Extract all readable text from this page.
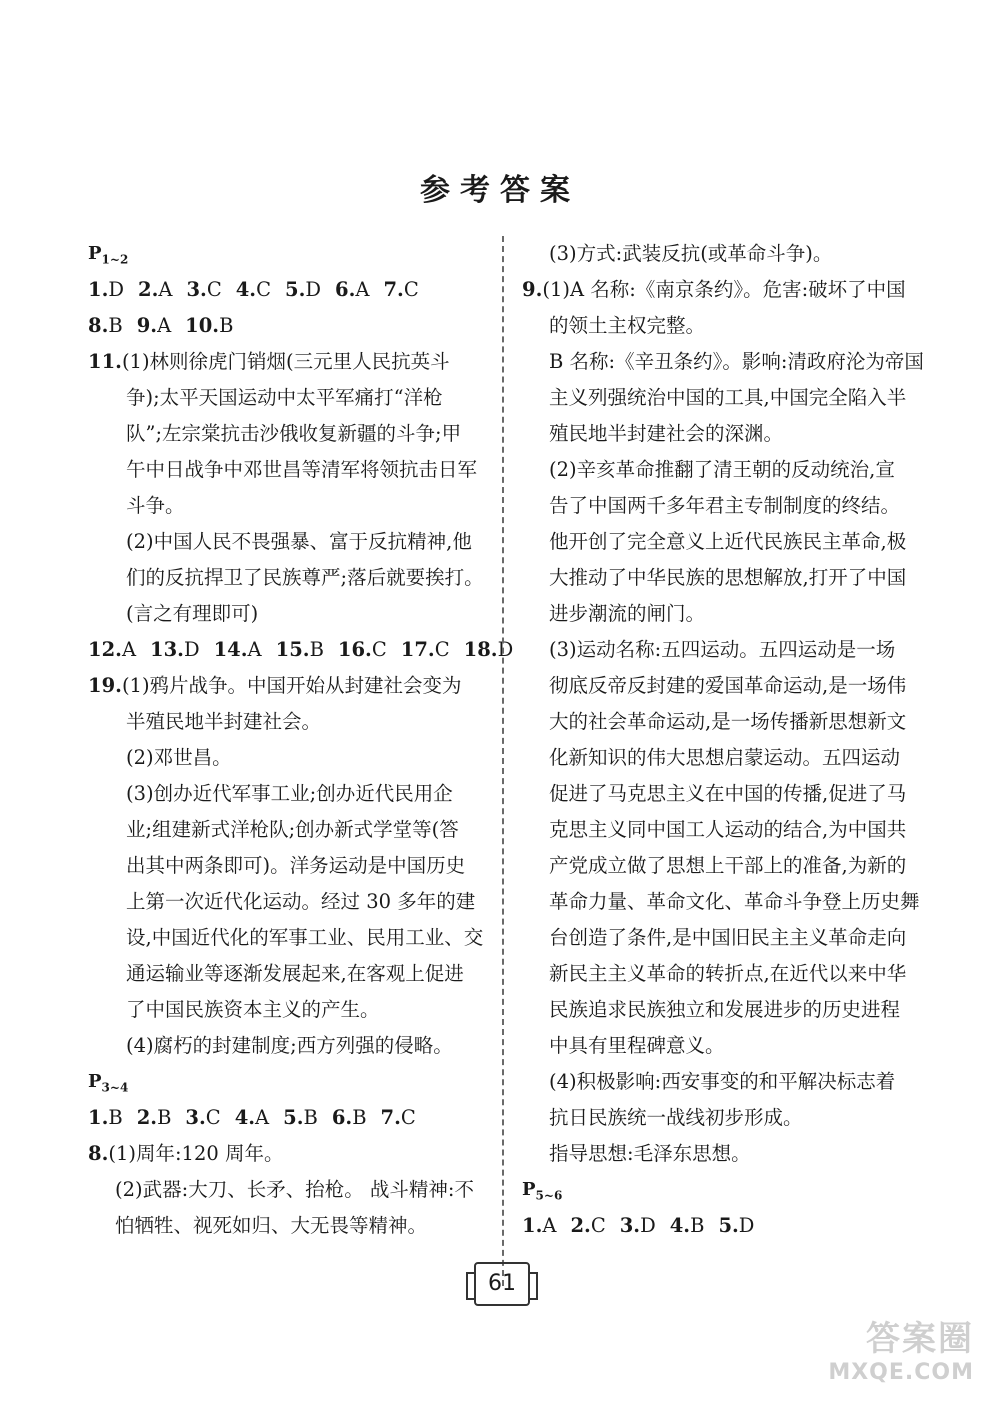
参考答案
$P_{1\sim 2}$
1.D 2.A 3.C 4.C 5.D 6.A 7.C
8.B 9.A 10.B
11.(1)林则徐虎门销烟(三元里人民抗英斗
争);太平天国运动中太平军痛打“洋枪
队”;左宗棠抗击沙俄收复新疆的斗争;甲
午中日战争中邓世昌等清军将领抗击日军
斗争。
(2)中国人民不畏强暴、富于反抗精神,他
们的反抗捍卫了民族尊严;落后就要挨打。
(言之有理即可)
12.A 13.D 14.A 15.B 16.C 17.C 18.D
19.(1)鸦片战争。中国开始从封建社会变为
半殖民地半封建社会。
(2)邓世昌。
(3)创办近代军事工业;创办近代民用企
业;组建新式洋枪队;创办新式学堂等(答
出其中两条即可)。洋务运动是中国历史
上第一次近代化运动。经过 30 多年的建
设,中国近代化的军事工业、民用工业、交
通运输业等逐渐发展起来,在客观上促进
了中国民族资本主义的产生。
(4)腐朽的封建制度;西方列强的侵略。
$P_{3\sim 4}$
1.B 2.B 3.C 4.A 5.B 6.B 7.C
8.(1)周年:120 周年。
(2)武器:大刀、长矛、抬枪。 战斗精神:不
怕牺牲、视死如归、大无畏等精神。
(3)方式:武装反抗(或革命斗争)。
9.(1)A 名称:《南京条约》。危害:破坏了中国
的领土主权完整。
B 名称:《辛丑条约》。影响:清政府沦为帝国
主义列强统治中国的工具,中国完全陷入半
殖民地半封建社会的深渊。
(2)辛亥革命推翻了清王朝的反动统治,宣
告了中国两千多年君主专制制度的终结。
他开创了完全意义上近代民族民主革命,极
大推动了中华民族的思想解放,打开了中国
进步潮流的闸门。
(3)运动名称:五四运动。五四运动是一场
彻底反帝反封建的爱国革命运动,是一场伟
大的社会革命运动,是一场传播新思想新文
化新知识的伟大思想启蒙运动。五四运动
促进了马克思主义在中国的传播,促进了马
克思主义同中国工人运动的结合,为中国共
产党成立做了思想上干部上的准备,为新的
革命力量、革命文化、革命斗争登上历史舞
台创造了条件,是中国旧民主主义革命走向
新民主主义革命的转折点,在近代以来中华
民族追求民族独立和发展进步的历史进程
中具有里程碑意义。
(4)积极影响:西安事变的和平解决标志着
抗日民族统一战线初步形成。
指导思想:毛泽东思想。
$P_{5\sim 6}$
1.A 2.C 3.D 4.B 5.D
61
答案圈
MXQE.COM
